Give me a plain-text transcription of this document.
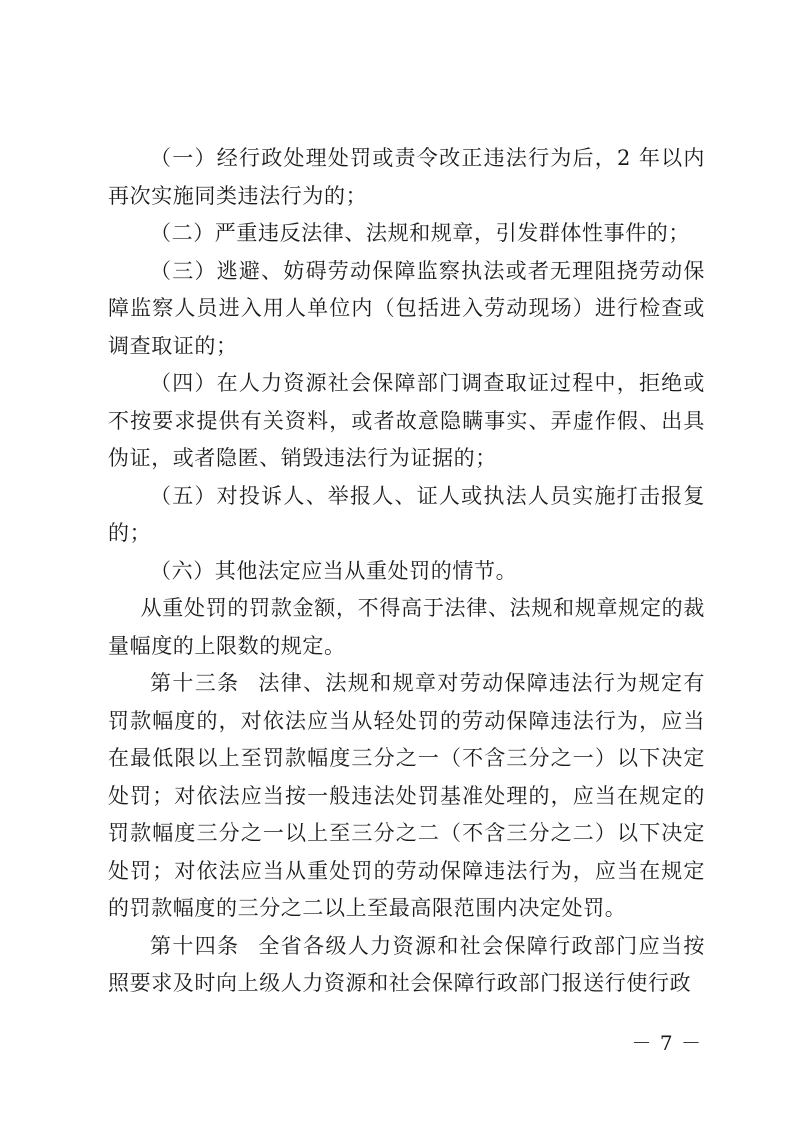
（一）经行政处理处罚或责令改正违法行为后，2 年以内再次实施同类违法行为的；

（二）严重违反法律、法规和规章，引发群体性事件的；

（三）逃避、妨碍劳动保障监察执法或者无理阻挠劳动保障监察人员进入用人单位内（包括进入劳动现场）进行检查或调查取证的；

（四）在人力资源社会保障部门调查取证过程中，拒绝或不按要求提供有关资料，或者故意隐瞒事实、弄虚作假、出具伪证，或者隐匿、销毁违法行为证据的；

（五）对投诉人、举报人、证人或执法人员实施打击报复的；

（六）其他法定应当从重处罚的情节。

从重处罚的罚款金额，不得高于法律、法规和规章规定的裁量幅度的上限数的规定。

第十三条 法律、法规和规章对劳动保障违法行为规定有罚款幅度的，对依法应当从轻处罚的劳动保障违法行为，应当在最低限以上至罚款幅度三分之一（不含三分之一）以下决定处罚；对依法应当按一般违法处罚基准处理的，应当在规定的罚款幅度三分之一以上至三分之二（不含三分之二）以下决定处罚；对依法应当从重处罚的劳动保障违法行为，应当在规定的罚款幅度的三分之二以上至最高限范围内决定处罚。

第十四条 全省各级人力资源和社会保障行政部门应当按照要求及时向上级人力资源和社会保障行政部门报送行使行政

－ 7 －
